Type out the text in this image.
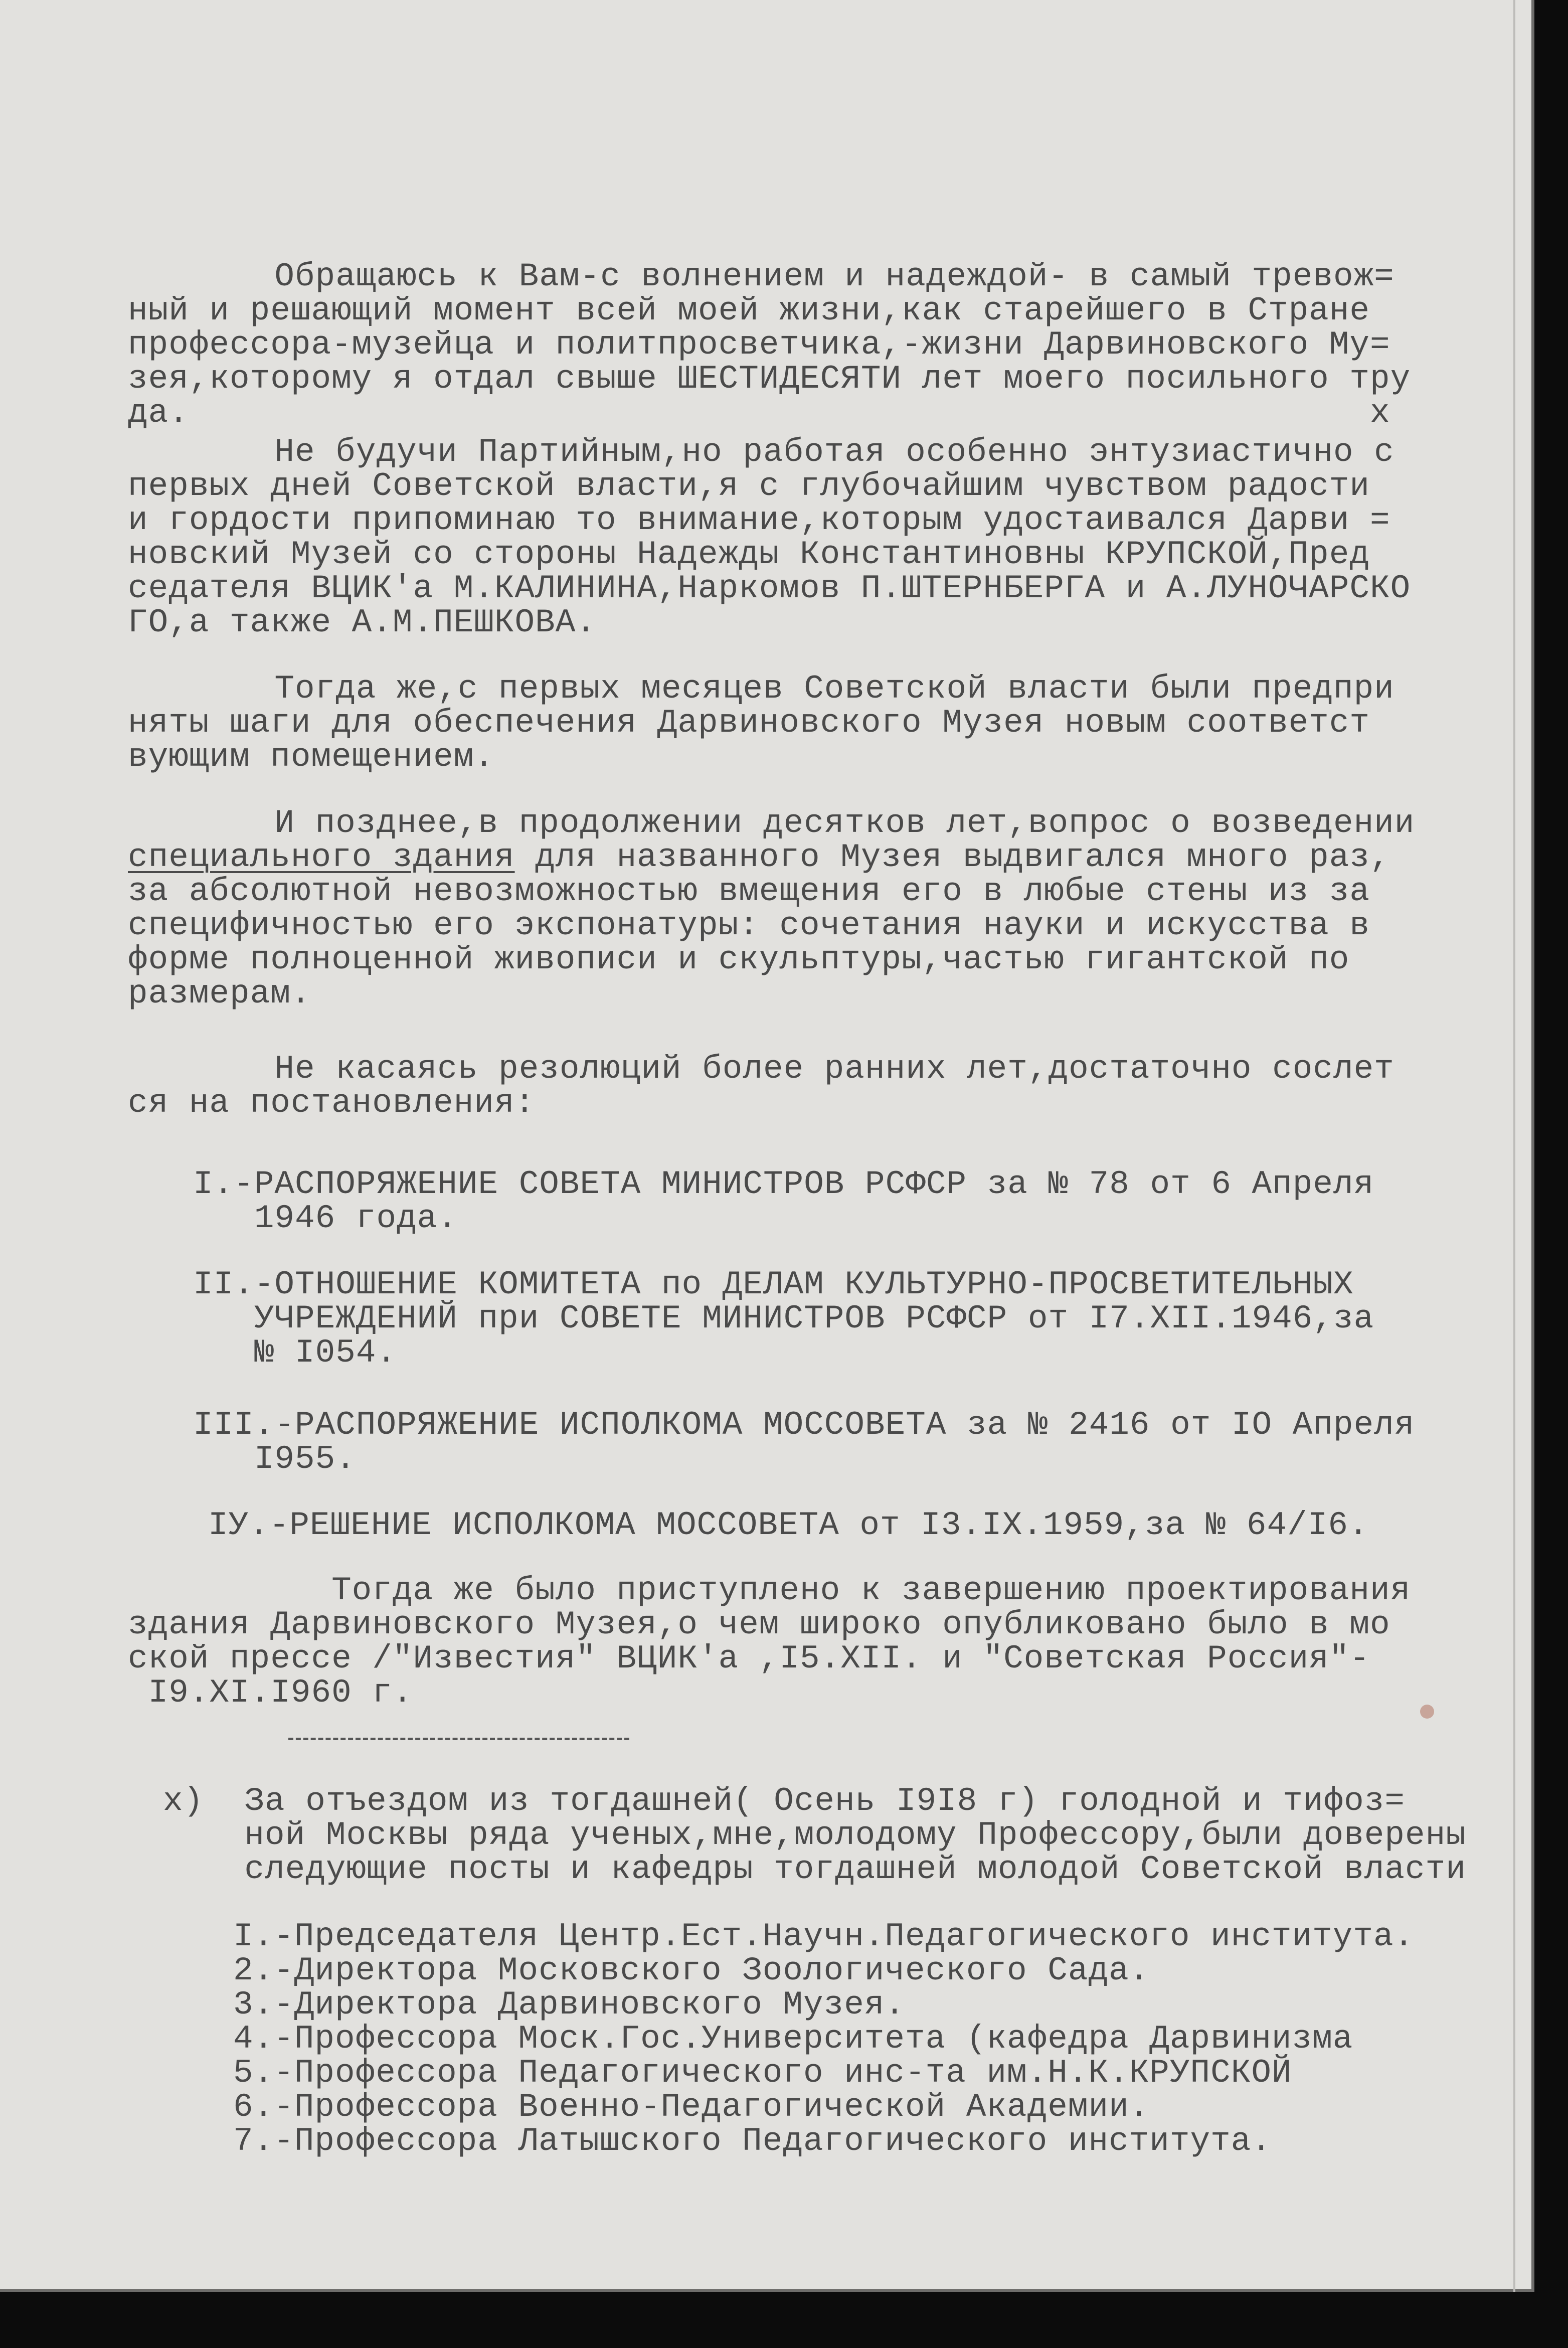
Обращаюсь к Вам-с волнением и надеждой- в самый тревож=

ный и решающий момент всей моей жизни,как старейшего в Стране

профессора-музейца и политпросветчика,-жизни Дарвиновского Му=

зея,которому я отдал свыше ШЕСТИДЕСЯТИ лет моего посильного тру

да.                                                          х

Не будучи Партийным,но работая особенно энтузиастично с

первых дней Советской власти,я с глубочайшим чувством радости

и гордости припоминаю то внимание,которым удостаивался Дарви =

новский Музей со стороны Надежды Константиновны КРУПСКОЙ,Пред

седателя ВЦИК'а М.КАЛИНИНА,Наркомов П.ШТЕРНБЕРГА и А.ЛУНОЧАРСКО

ГО,а также А.М.ПЕШКОВА.

Тогда же,с первых месяцев Советской власти были предпри

няты шаги для обеспечения Дарвиновского Музея новым соответст

вующим помещением.

И позднее,в продолжении десятков лет,вопрос о возведении

специального здания для названного Музея выдвигался много раз,

за абсолютной невозможностью вмещения его в любые стены из за

специфичностью его экспонатуры: сочетания науки и искусства в

форме полноценной живописи и скульптуры,частью гигантской по

размерам.

Не касаясь резолюций более ранних лет,достаточно сослет

ся на постановления:

I.-РАСПОРЯЖЕНИЕ СОВЕТА МИНИСТРОВ РСФСР за № 78 от 6 Апреля

1946 года.

II.-ОТНОШЕНИЕ КОМИТЕТА по ДЕЛАМ КУЛЬТУРНО-ПРОСВЕТИТЕЛЬНЫХ

УЧРЕЖДЕНИЙ при СОВЕТЕ МИНИСТРОВ РСФСР от I7.XII.1946,за

№ I054.

III.-РАСПОРЯЖЕНИЕ ИСПОЛКОМА МОССОВЕТА за № 2416 от IO Апреля

I955.

IУ.-РЕШЕНИЕ ИСПОЛКОМА МОССОВЕТА от I3.IX.1959,за № 64/I6.

Тогда же было приступлено к завершению проектирования

здания Дарвиновского Музея,о чем широко опубликовано было в мо

ской прессе /"Известия" ВЦИК'а ,I5.XII. и "Советская Россия"-

I9.XI.I960 г.

х)  За отъездом из тогдашней( Осень I9I8 г) голодной и тифоз=

ной Москвы ряда ученых,мне,молодому Профессору,были доверены

следующие посты и кафедры тогдашней молодой Советской власти

I.-Председателя Центр.Ест.Научн.Педагогического института.

2.-Директора Московского Зоологического Сада.

3.-Директора Дарвиновского Музея.

4.-Профессора Моск.Гос.Университета (кафедра Дарвинизма

5.-Профессора Педагогического инс-та им.Н.К.КРУПСКОЙ

6.-Профессора Военно-Педагогической Академии.

7.-Профессора Латышского Педагогического института.
